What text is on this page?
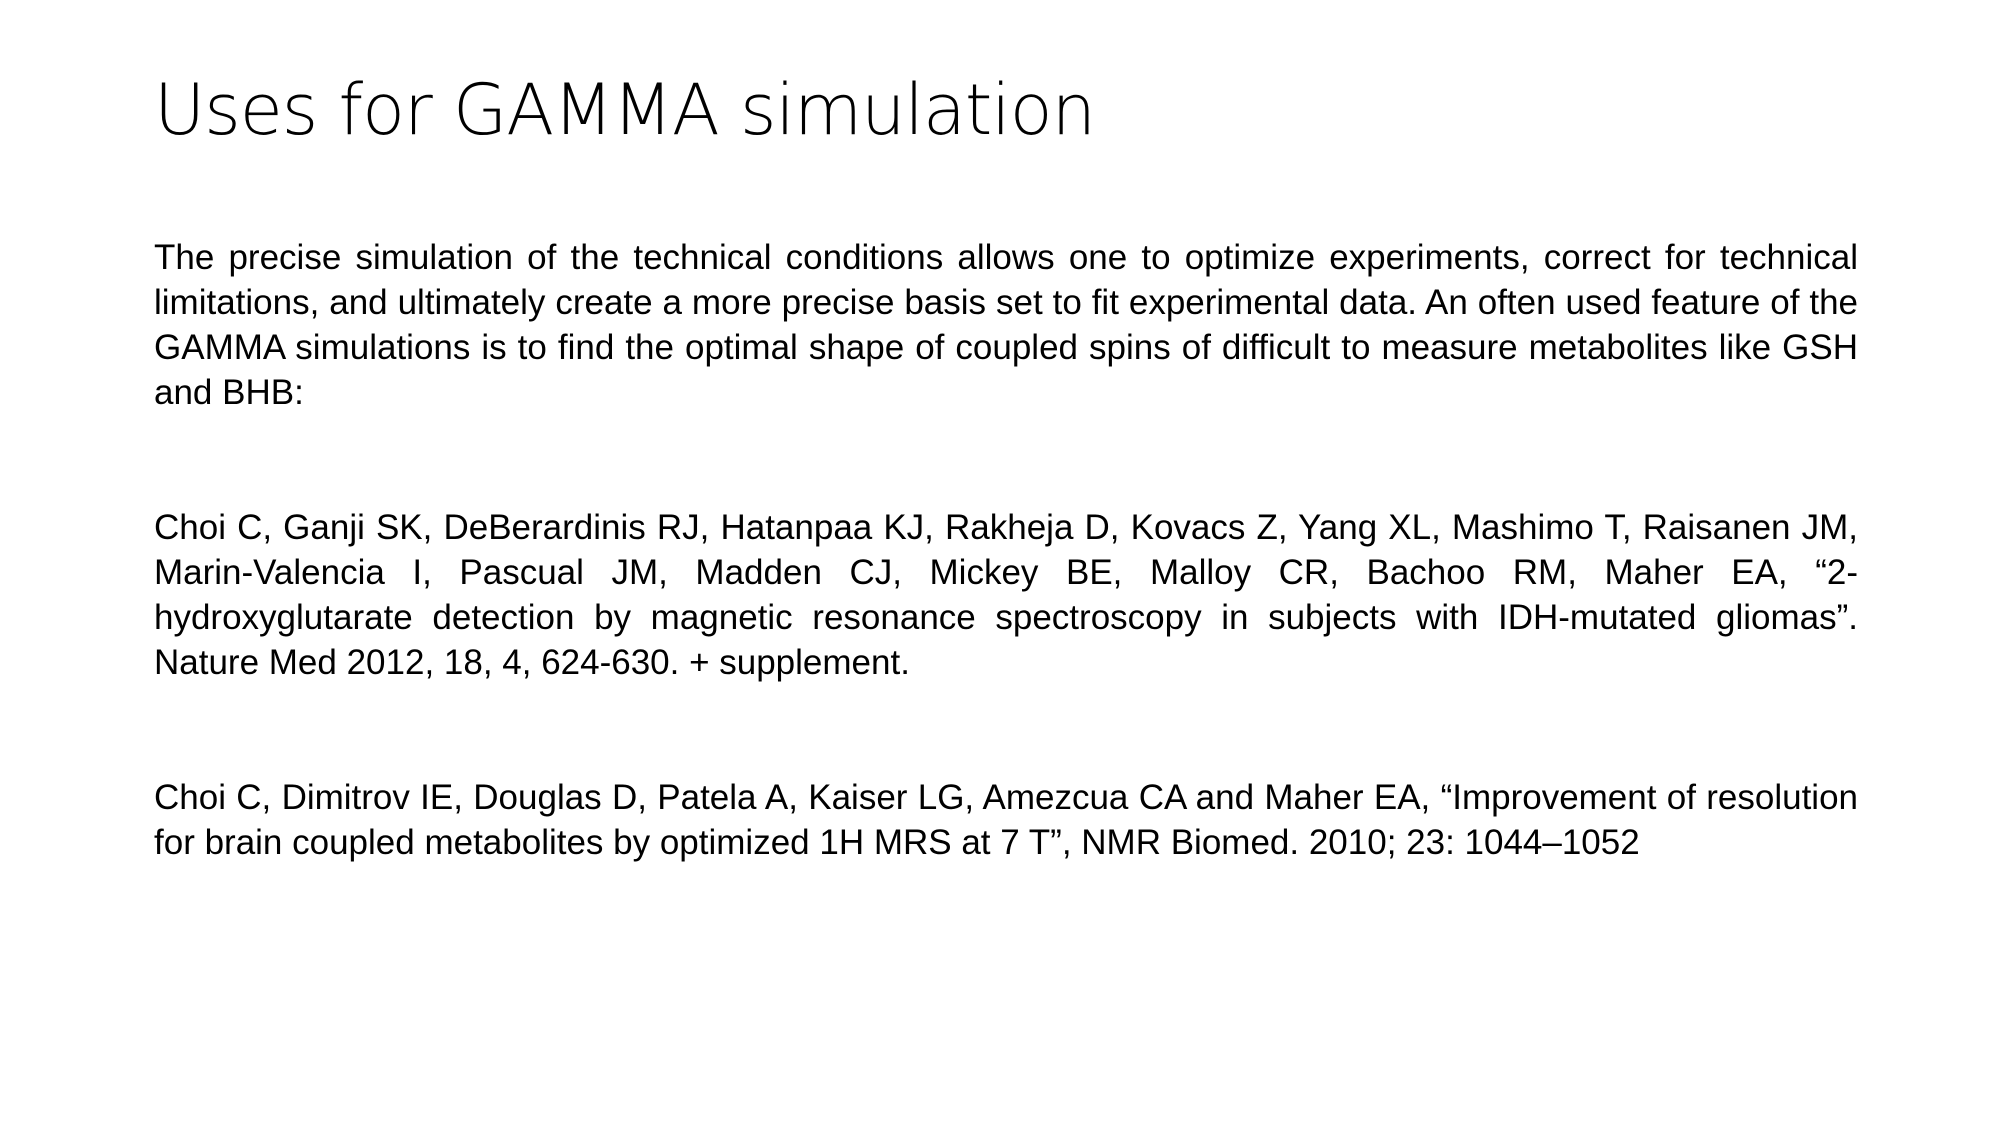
Uses for GAMMA simulation

The precise simulation of the technical conditions allows one to optimize experiments, correct for technical limitations, and ultimately create a more precise basis set to fit experimental data. An often used feature of the GAMMA simulations is to find the optimal shape of coupled spins of difficult to measure metabolites like GSH and BHB:

Choi C, Ganji SK, DeBerardinis RJ, Hatanpaa KJ, Rakheja D, Kovacs Z, Yang XL, Mashimo T, Raisanen JM, Marin-Valencia I, Pascual JM, Madden CJ, Mickey BE, Malloy CR, Bachoo RM, Maher EA, “2-hydroxyglutarate detection by magnetic resonance spectroscopy in subjects with IDH-mutated gliomas”. Nature Med 2012, 18, 4, 624-630. + supplement.

Choi C, Dimitrov IE, Douglas D, Patela A, Kaiser LG, Amezcua CA and Maher EA, “Improvement of resolution for brain coupled metabolites by optimized 1H MRS at 7 T”, NMR Biomed. 2010; 23: 1044–1052
